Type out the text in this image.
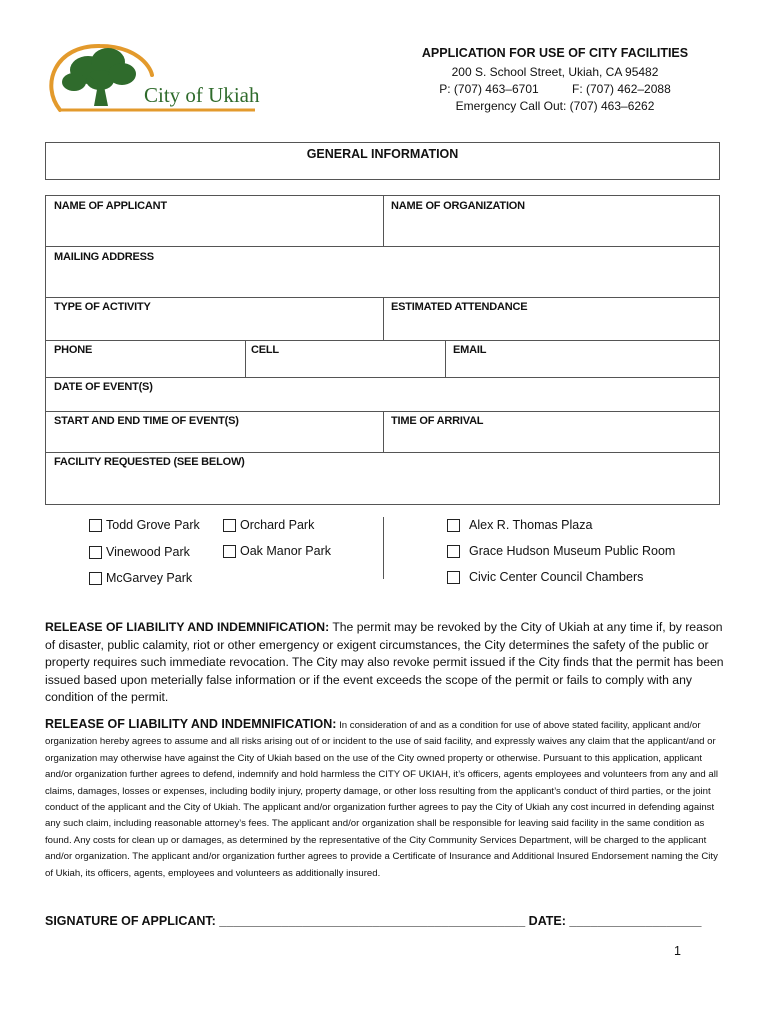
City of Ukiah
APPLICATION FOR USE OF CITY FACILITIES
200 S. School Street, Ukiah, CA 95482
P: (707) 463–6701          F: (707) 462–2088
Emergency Call Out: (707) 463–6262
GENERAL INFORMATION
NAME OF APPLICANT	NAME OF ORGANIZATION
MAILING ADDRESS
TYPE OF ACTIVITY	ESTIMATED ATTENDANCE
PHONE	CELL	EMAIL
DATE OF EVENT(S)
START AND END TIME OF EVENT(S)	TIME OF ARRIVAL
FACILITY REQUESTED (SEE BELOW)
Todd Grove Park
Vinewood Park
McGarvey Park
Orchard Park
Oak Manor Park
Alex R. Thomas Plaza
Grace Hudson Museum Public Room
Civic Center Council Chambers
RELEASE OF LIABILITY AND INDEMNIFICATION: The permit may be revoked by the City of Ukiah at any time if, by reason of disaster, public calamity, riot or other emergency or exigent circumstances, the City determines the safety of the public or property requires such immediate revocation. The City may also revoke permit issued if the City finds that the permit has been issued based upon meterially false information or if the event exceeds the scope of the permit or fails to comply with any condition of the permit.
RELEASE OF LIABILITY AND INDEMNIFICATION: In consideration of and as a condition for use of above stated facility, applicant and/or organization hereby agrees to assume and all risks arising out of or incident to the use of said facility, and expressly waives any claim that the applicant/and or organization may otherwise have against the City of Ukiah based on the use of the City owned property or otherwise. Pursuant to this application, applicant and/or organization further agrees to defend, indemnify and hold harmless the CITY OF UKIAH, it’s officers, agents employees and volunteers from any and all claims, damages, losses or expenses, including bodily injury, property damage, or other loss resulting from the applicant’s conduct of third parties, or the joint conduct of the applicant and the City of Ukiah. The applicant and/or organization further agrees to pay the City of Ukiah any cost incurred in defending against any such claim, including reasonable attorney’s fees. The applicant and/or organization shall be responsible for leaving said facility in the same condition as found. Any costs for clean up or damages, as determined by the representative of the City Community Services Department, will be charged to the applicant and/or organization. The applicant and/or organization further agrees to provide a Certificate of Insurance and Additional Insured Endorsement naming the City of Ukiah, its officers, agents, employees and volunteers as additionally insured.
SIGNATURE OF APPLICANT: ____________________________________________ DATE: ___________________
1
